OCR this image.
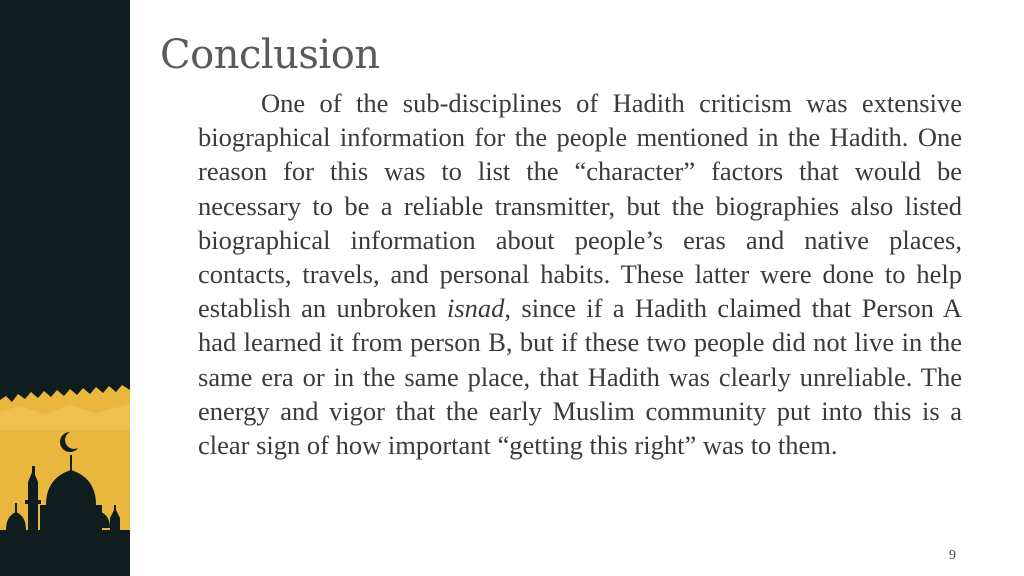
Conclusion
One of the sub-disciplines of Hadith criticism was extensive biographical information for the people mentioned in the Hadith. One reason for this was to list the “character” factors that would be necessary to be a reliable transmitter, but the biographies also listed biographical information about people’s eras and native places, contacts, travels, and personal habits. These latter were done to help establish an unbroken isnad, since if a Hadith claimed that Person A had learned it from person B, but if these two people did not live in the same era or in the same place, that Hadith was clearly unreliable. The energy and vigor that the early Muslim community put into this is a clear sign of how important “getting this right” was to them.
9
